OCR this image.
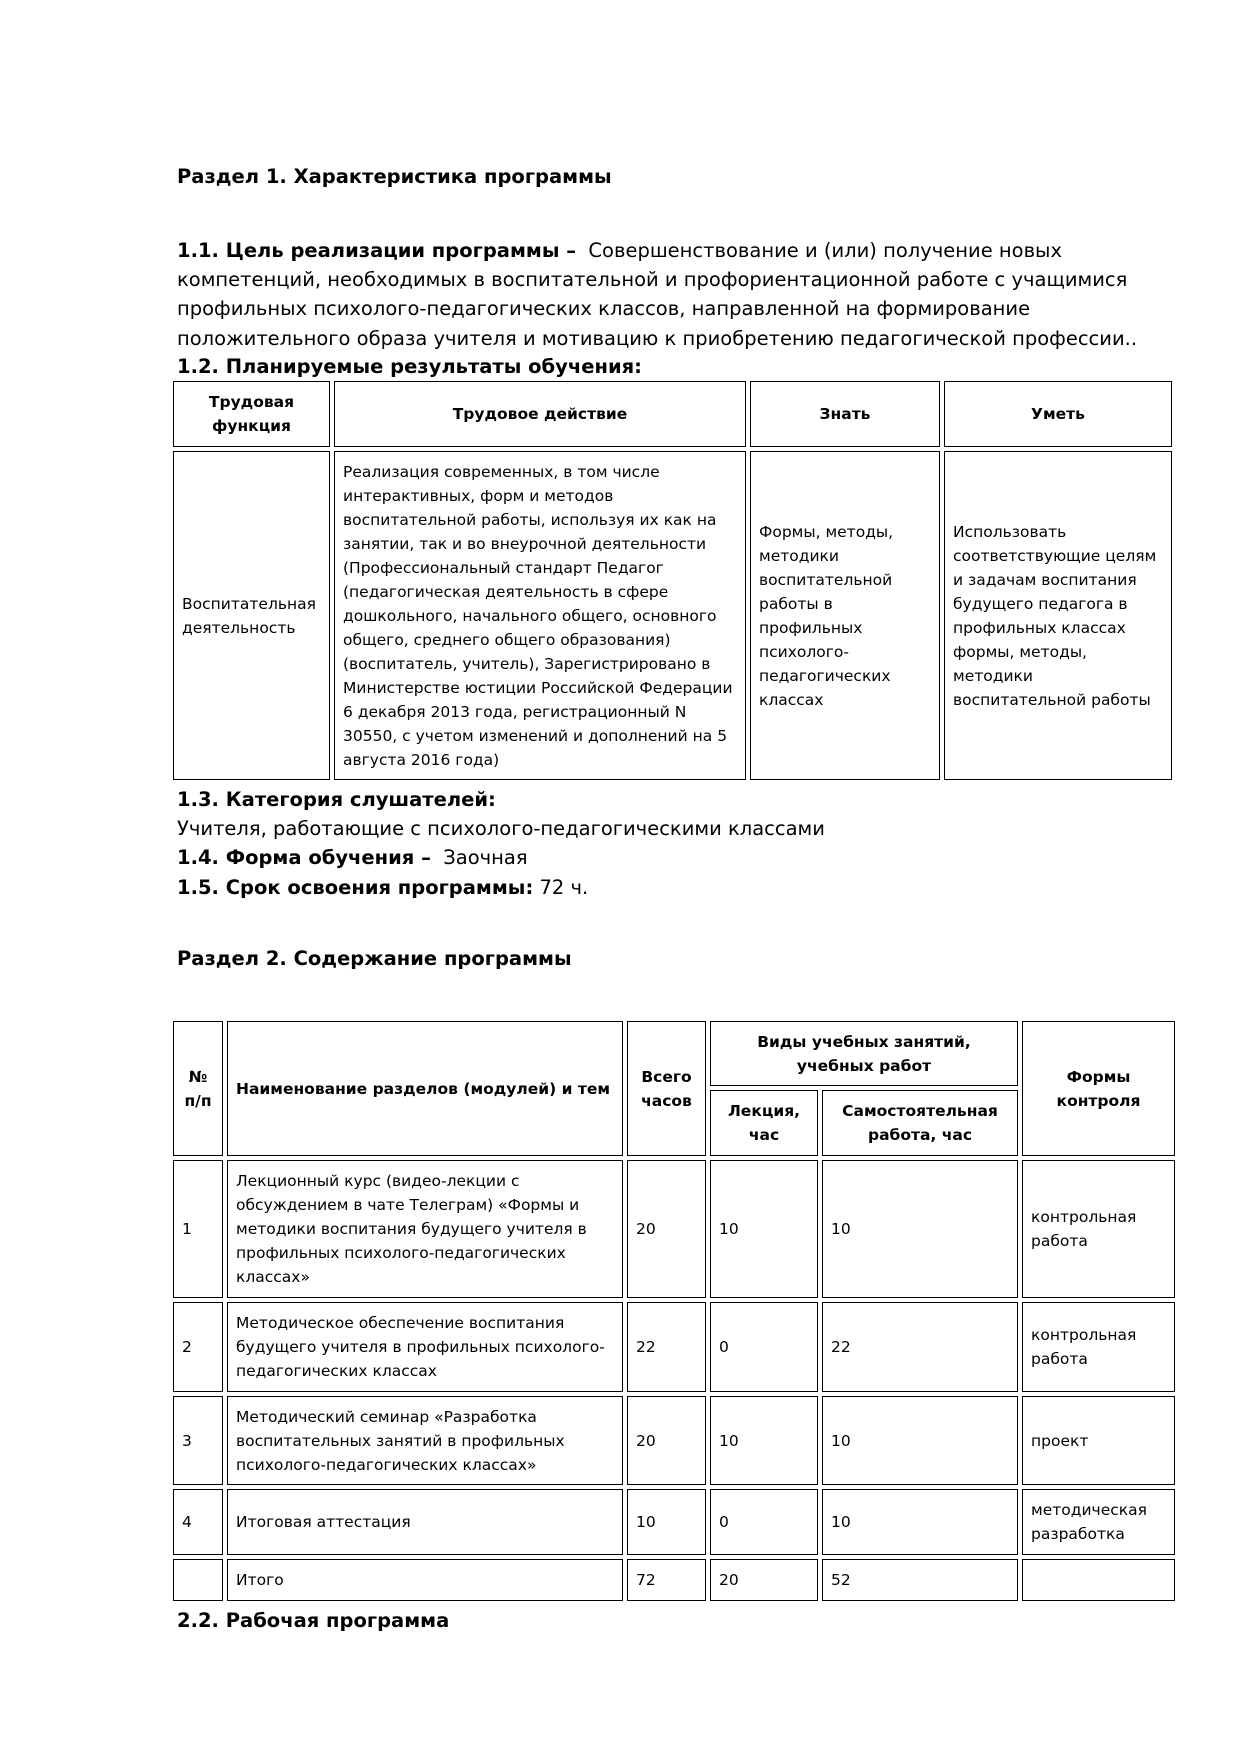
Раздел 1. Характеристика программы
1.1. Цель реализации программы – Совершенствование и (или) получение новых компетенций, необходимых в воспитательной и профориентационной работе с учащимися профильных психолого-педагогических классов, направленной на формирование положительного образа учителя и мотивацию к приобретению педагогической профессии..
1.2. Планируемые результаты обучения:
Трудовая функция	Трудовое действие	Знать	Уметь
Воспитательная деятельность	Реализация современных, в том числе интерактивных, форм и методов воспитательной работы, используя их как на занятии, так и во внеурочной деятельности (Профессиональный стандарт Педагог (педагогическая деятельность в сфере дошкольного, начального общего, основного общего, среднего общего образования) (воспитатель, учитель), Зарегистрировано в Министерстве юстиции Российской Федерации 6 декабря 2013 года, регистрационный N 30550, с учетом изменений и дополнений на 5 августа 2016 года)	Формы, методы, методики воспитательной работы в профильных психолого-педагогических классах	Использовать соответствующие целям и задачам воспитания будущего педагога в профильных классах формы, методы, методики воспитательной работы
1.3. Категория слушателей:
Учителя, работающие с психолого-педагогическими классами
1.4. Форма обучения – Заочная
1.5. Срок освоения программы: 72 ч.
Раздел 2. Содержание программы
№ п/п	Наименование разделов (модулей) и тем	Всего часов	Виды учебных занятий, учебных работ		Формы контроля
			Лекция, час	Самостоятельная работа, час	
1	Лекционный курс (видео-лекции с обсуждением в чате Телеграм) «Формы и методики воспитания будущего учителя в профильных психолого-педагогических классах»	20	10	10	контрольная работа
2	Методическое обеспечение воспитания будущего учителя в профильных психолого-педагогических классах	22	0	22	контрольная работа
3	Методический семинар «Разработка воспитательных занятий в профильных психолого-педагогических классах»	20	10	10	проект
4	Итоговая аттестация	10	0	10	методическая разработка
	Итого	72	20	52	
2.2. Рабочая программа
